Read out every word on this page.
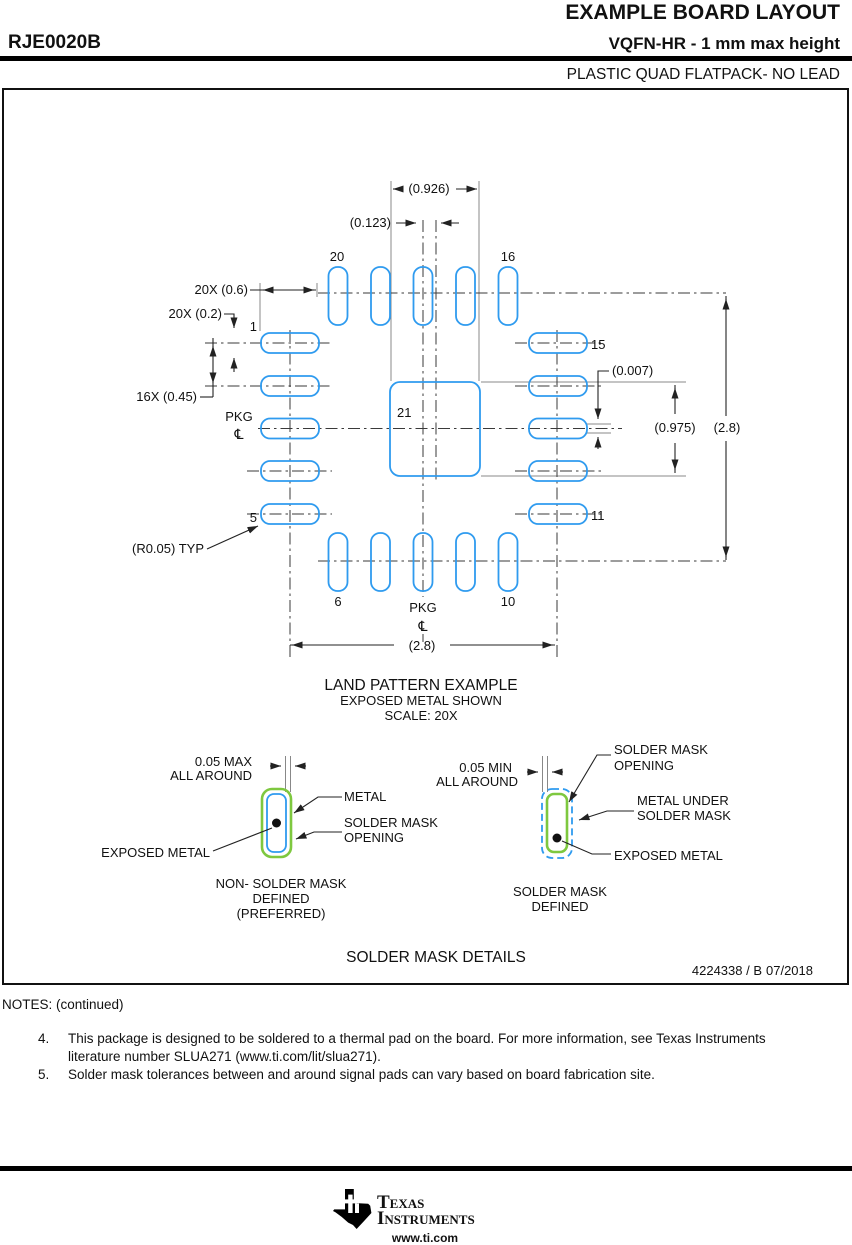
EXAMPLE BOARD LAYOUT
RJE0020B	VQFN-HR - 1 mm max height
PLASTIC QUAD FLATPACK- NO LEAD
(0.926)
(0.123)
20	16
20X (0.6)
20X (0.2)
1
16X (0.45)
PKG
℄
15
(0.007)
(0.975) (2.8)
21
11
5
(R0.05) TYP
6	10
PKG
℄
(2.8)
LAND PATTERN EXAMPLE
EXPOSED METAL SHOWN
SCALE: 20X
0.05 MAX
ALL AROUND
METAL
SOLDER MASK
OPENING
EXPOSED METAL
NON- SOLDER MASK
DEFINED
(PREFERRED)
0.05 MIN
ALL AROUND
SOLDER MASK
OPENING
METAL UNDER
SOLDER MASK
EXPOSED METAL
SOLDER MASK
DEFINED
SOLDER MASK DETAILS
4224338 / B 07/2018
NOTES: (continued)
4. This package is designed to be soldered to a thermal pad on the board. For more information, see Texas Instruments
literature number SLUA271 (www.ti.com/lit/slua271).
5. Solder mask tolerances between and around signal pads can vary based on board fabrication site.
Texas
Instruments
www.ti.com
